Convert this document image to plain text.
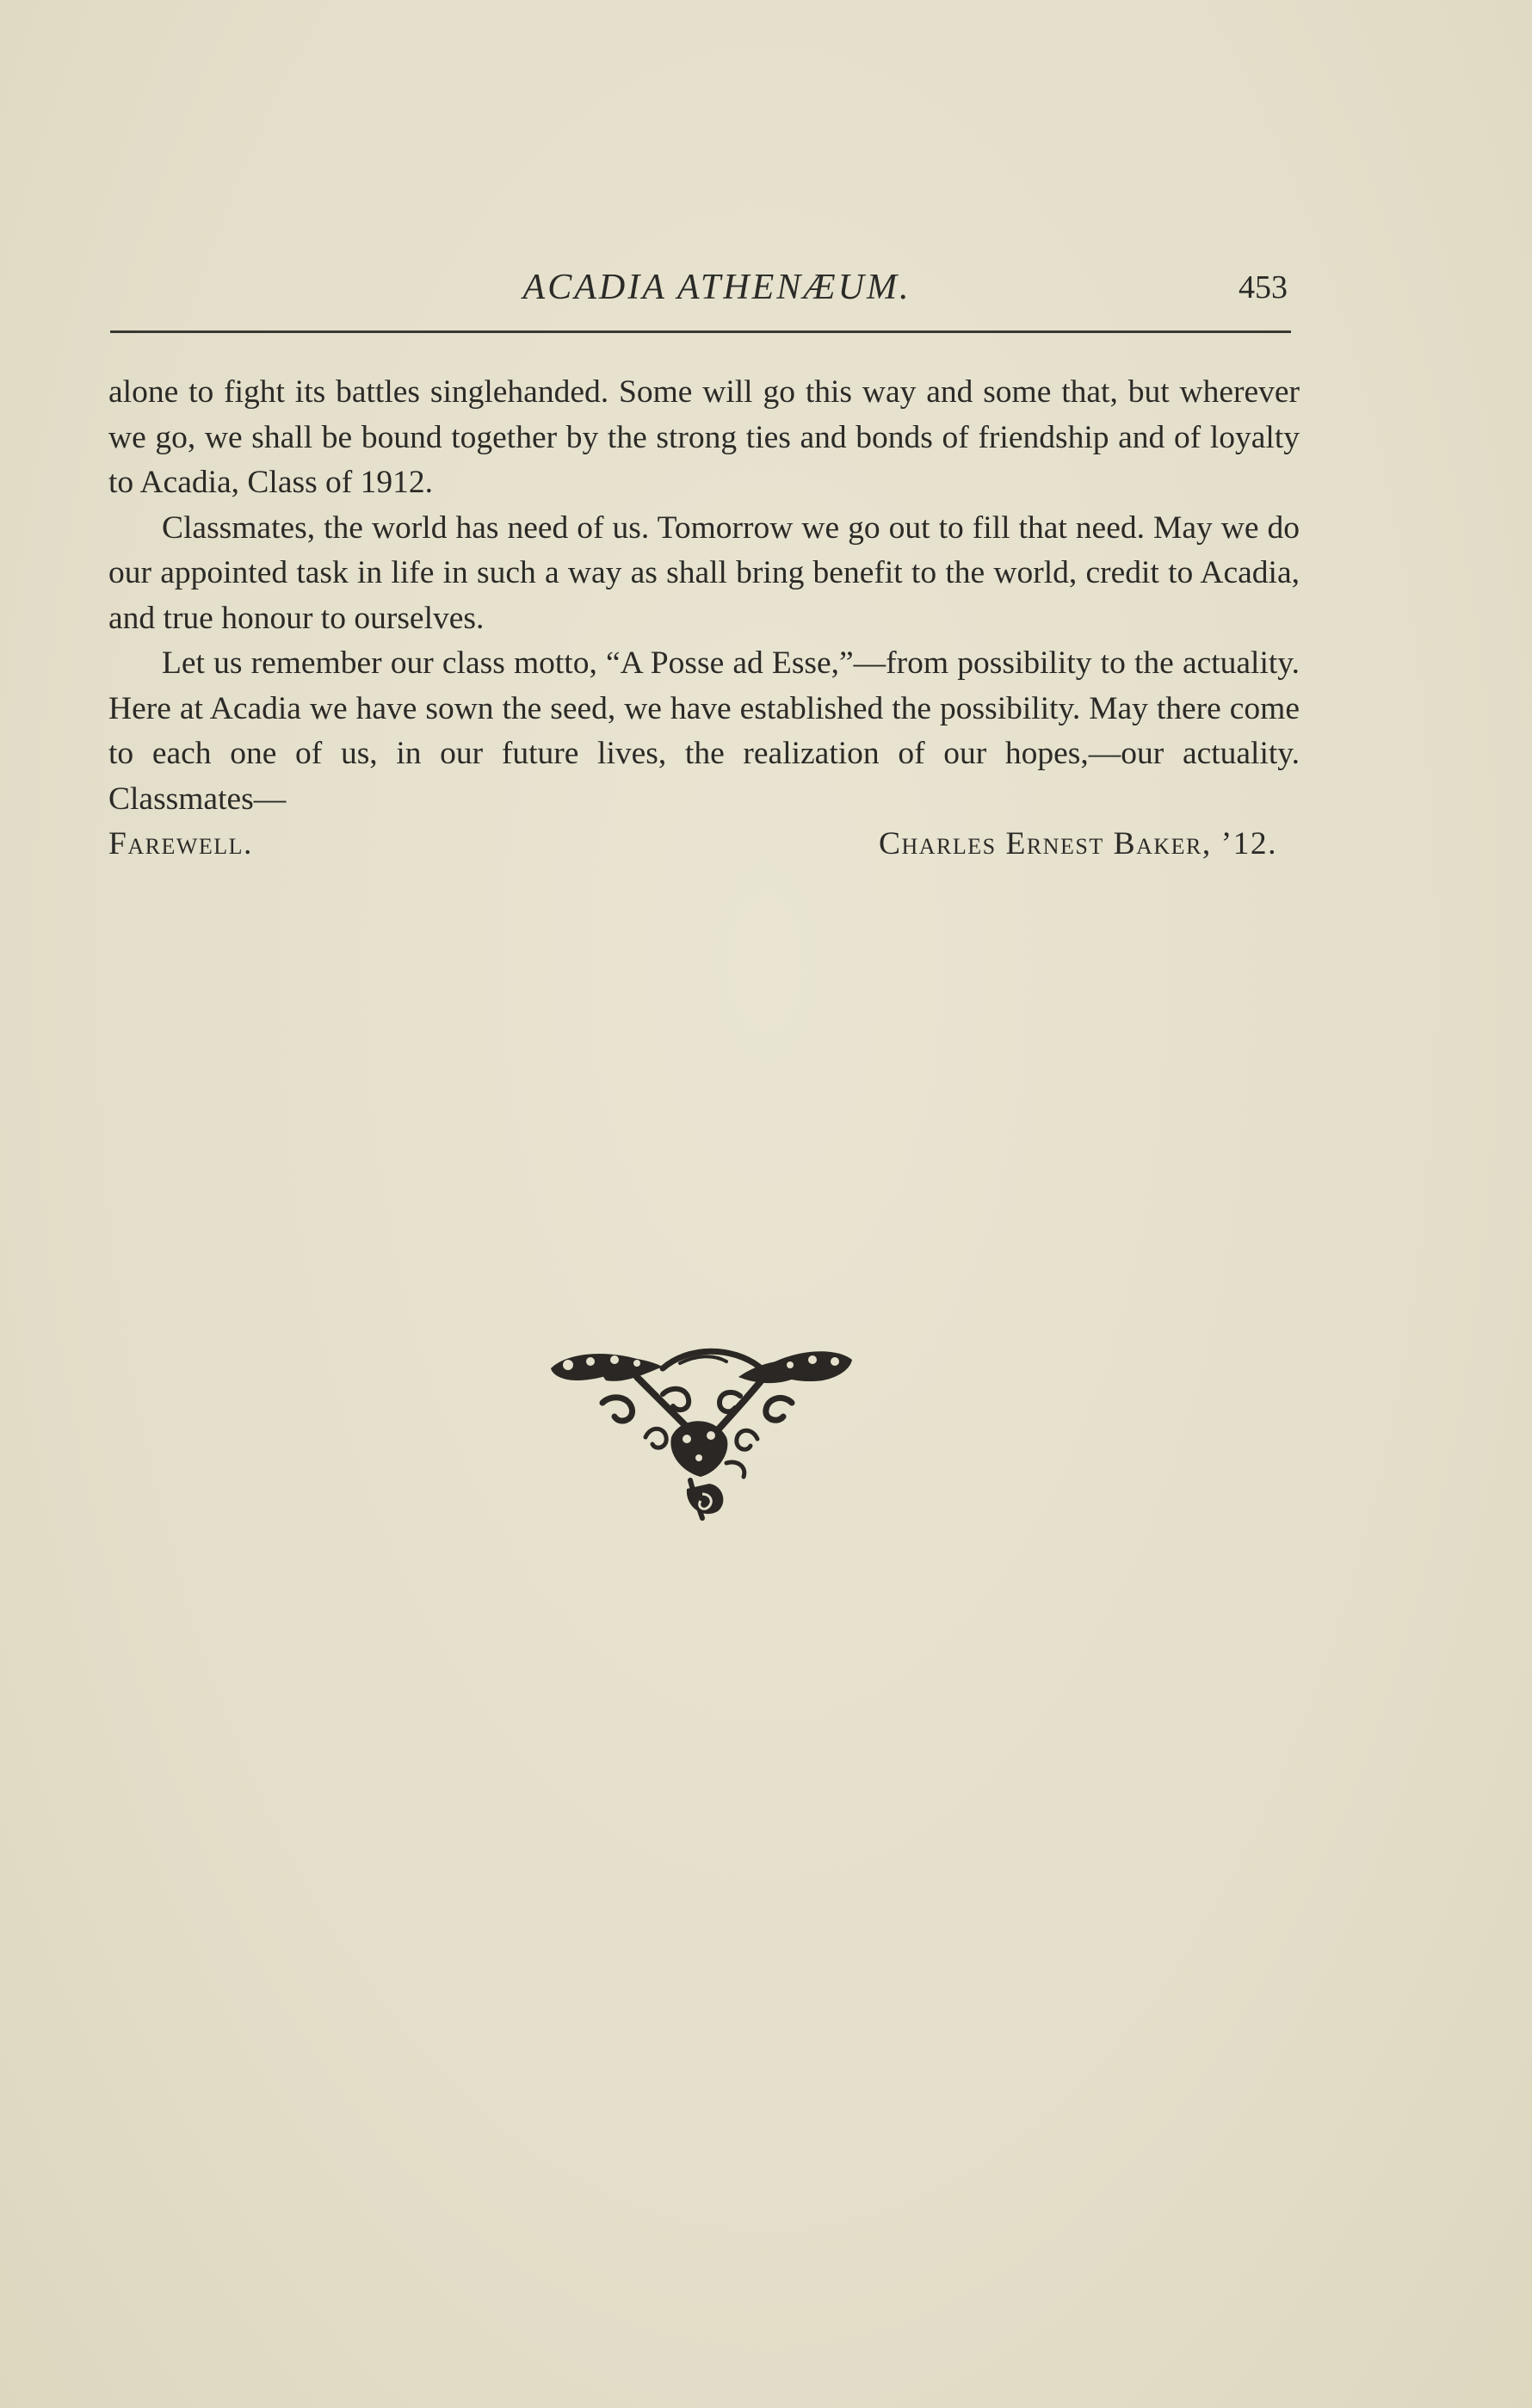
ACADIA ATHENÆUM.	453

alone to fight its battles singlehanded. Some will go this way and some that, but wherever we go, we shall be bound together by the strong ties and bonds of friendship and of loyalty to Acadia, Class of 1912.

Classmates, the world has need of us. Tomorrow we go out to fill that need. May we do our appointed task in life in such a way as shall bring benefit to the world, credit to Acadia, and true honour to ourselves.

Let us remember our class motto, “A Posse ad Esse,”—from possibility to the actuality. Here at Acadia we have sown the seed, we have established the possibility. May there come to each one of us, in our future lives, the realization of our hopes,—our actuality. Classmates—

Farewell.	Charles Ernest Baker, ’12.
